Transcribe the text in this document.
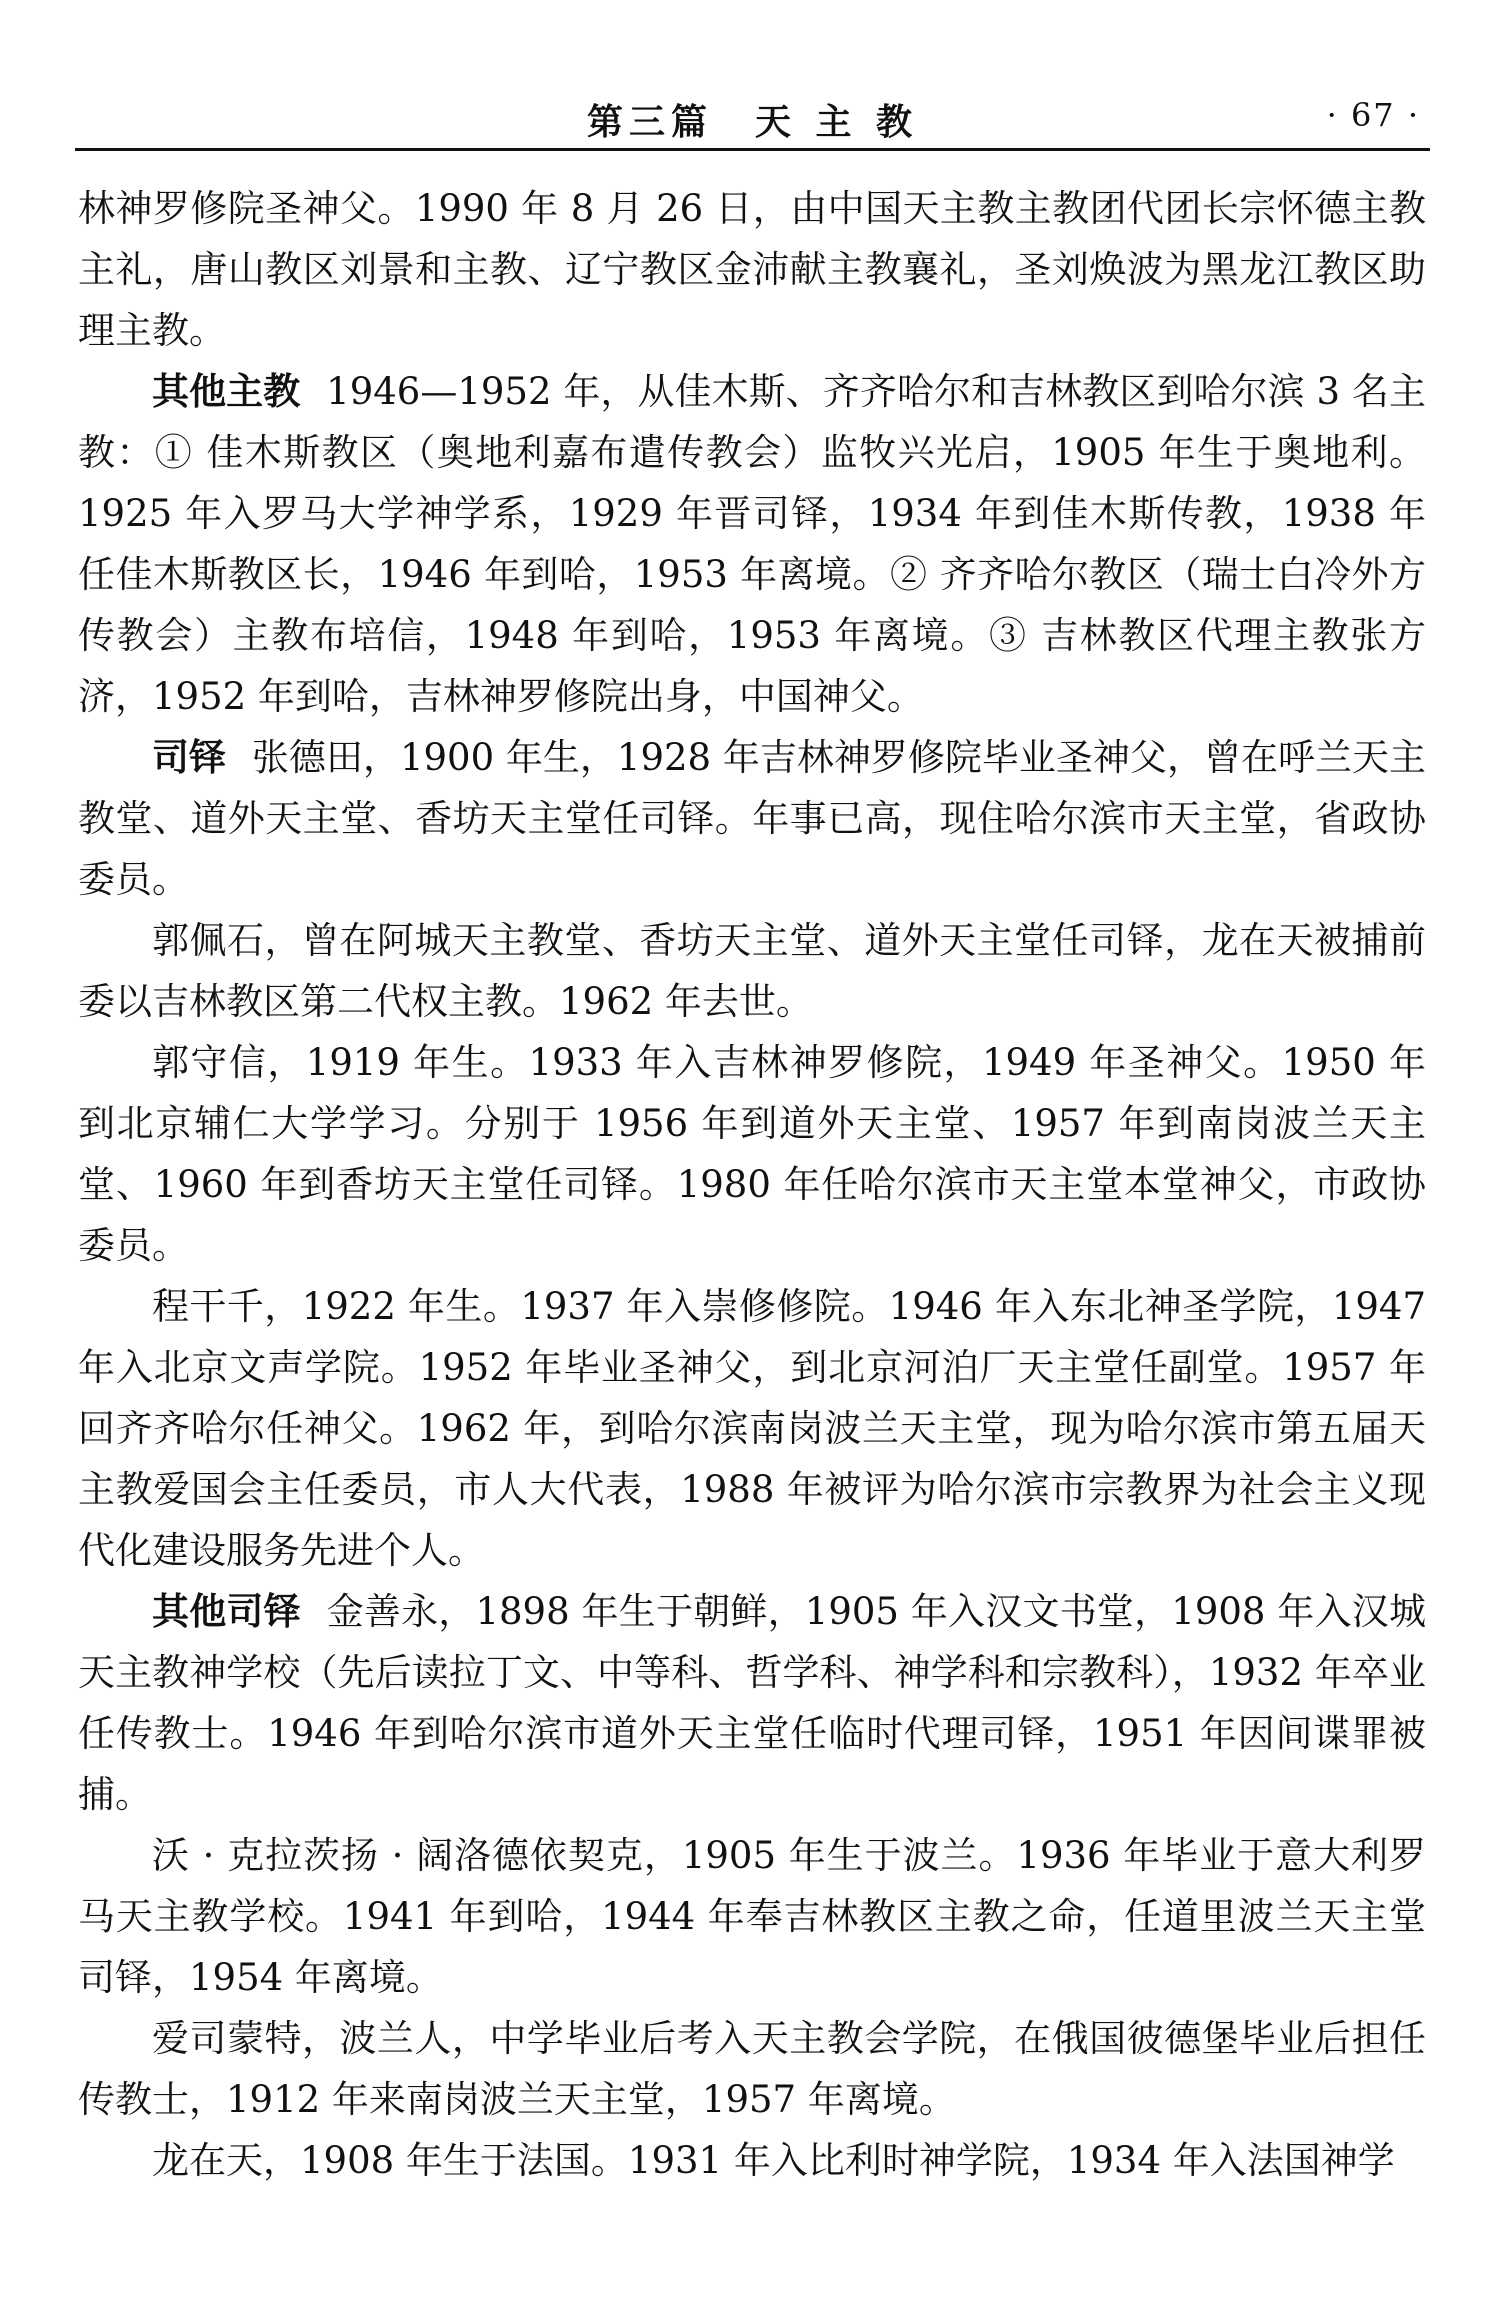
第三篇　天 主 教	· 67 ·

林神罗修院圣神父。1990 年 8 月 26 日，由中国天主教主教团代团长宗怀德主教主礼，唐山教区刘景和主教、辽宁教区金沛献主教襄礼，圣刘焕波为黑龙江教区助理主教。

其他主教 1946—1952 年，从佳木斯、齐齐哈尔和吉林教区到哈尔滨 3 名主教：① 佳木斯教区（奥地利嘉布遣传教会）监牧兴光启，1905 年生于奥地利。1925 年入罗马大学神学系，1929 年晋司铎，1934 年到佳木斯传教，1938 年任佳木斯教区长，1946 年到哈，1953 年离境。② 齐齐哈尔教区（瑞士白冷外方传教会）主教布培信，1948 年到哈，1953 年离境。③ 吉林教区代理主教张方济，1952 年到哈，吉林神罗修院出身，中国神父。

司铎 张德田，1900 年生，1928 年吉林神罗修院毕业圣神父，曾在呼兰天主教堂、道外天主堂、香坊天主堂任司铎。年事已高，现住哈尔滨市天主堂，省政协委员。

郭佩石，曾在阿城天主教堂、香坊天主堂、道外天主堂任司铎，龙在天被捕前委以吉林教区第二代权主教。1962 年去世。

郭守信，1919 年生。1933 年入吉林神罗修院，1949 年圣神父。1950 年到北京辅仁大学学习。分别于 1956 年到道外天主堂、1957 年到南岗波兰天主堂、1960 年到香坊天主堂任司铎。1980 年任哈尔滨市天主堂本堂神父，市政协委员。

程干千，1922 年生。1937 年入崇修修院。1946 年入东北神圣学院，1947 年入北京文声学院。1952 年毕业圣神父，到北京河泊厂天主堂任副堂。1957 年回齐齐哈尔任神父。1962 年，到哈尔滨南岗波兰天主堂，现为哈尔滨市第五届天主教爱国会主任委员，市人大代表，1988 年被评为哈尔滨市宗教界为社会主义现代化建设服务先进个人。

其他司铎 金善永，1898 年生于朝鲜，1905 年入汉文书堂，1908 年入汉城天主教神学校（先后读拉丁文、中等科、哲学科、神学科和宗教科），1932 年卒业任传教士。1946 年到哈尔滨市道外天主堂任临时代理司铎，1951 年因间谍罪被捕。

沃 · 克拉茨扬 · 阔洛德依契克，1905 年生于波兰。1936 年毕业于意大利罗马天主教学校。1941 年到哈，1944 年奉吉林教区主教之命，任道里波兰天主堂司铎，1954 年离境。

爱司蒙特，波兰人，中学毕业后考入天主教会学院，在俄国彼德堡毕业后担任传教士，1912 年来南岗波兰天主堂，1957 年离境。

龙在天，1908 年生于法国。1931 年入比利时神学院，1934 年入法国神学
